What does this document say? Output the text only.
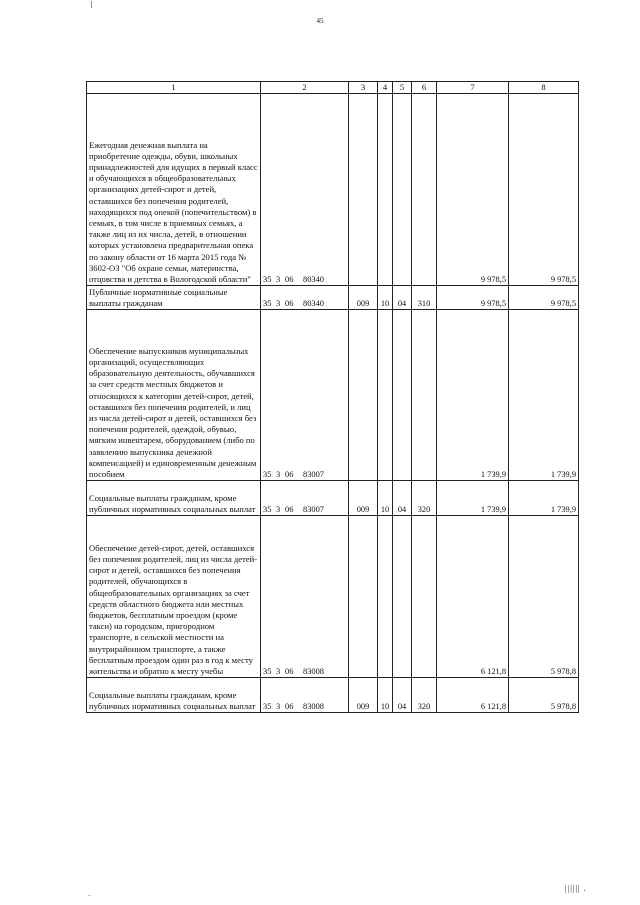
45
1	2	3	4	5	6	7	8
Ежегодная денежная выплата на приобретение одежды, обуви, школьных принадлежностей для идущих в первый класс и обучающихся в общеобразовательных организациях детей-сирот и детей, оставшихся без попечения родителей, находящихся под опекой (попечительством) в семьях, в том числе в приемных семьях, а также лиц из их числа, детей, в отношении которых установлена предварительная опека по закону области от 16 марта 2015 года № 3602-ОЗ "Об охране семьи, материнства, отцовства и детства в Вологодской области"	35 3 06 80340					9 978,5	9 978,5
Публичные нормативные социальные выплаты гражданам	35 3 06 80340	009	10	04	310	9 978,5	9 978,5
Обеспечение выпускников муниципальных организаций, осуществляющих образовательную деятельность, обучавшихся за счет средств местных бюджетов и относящихся к категории детей-сирот, детей, оставшихся без попечения родителей, и лиц из числа детей-сирот и детей, оставшихся без попечения родителей, одеждой, обувью, мягким инвентарем, оборудованием (либо по заявлению выпускника денежной компенсацией) и единовременным денежным пособием	35 3 06 83007					1 739,9	1 739,9
Социальные выплаты гражданам, кроме публичных нормативных социальных выплат	35 3 06 83007	009	10	04	320	1 739,9	1 739,9
Обеспечение детей-сирот, детей, оставшихся без попечения родителей, лиц из числа детей-сирот и детей, оставшихся без попечения родителей, обучающихся в общеобразовательных организациях за счет средств областного бюджета или местных бюджетов, бесплатным проездом (кроме такси) на городском, пригородном транспорте, в сельской местности на внутрирайонном транспорте, а также бесплатным проездом один раз в год к месту жительства и обратно к месту учебы	35 3 06 83008					6 121,8	5 978,8
Социальные выплаты гражданам, кроме публичных нормативных социальных выплат	35 3 06 83008	009	10	04	320	6 121,8	5 978,8
–
|||||| .
